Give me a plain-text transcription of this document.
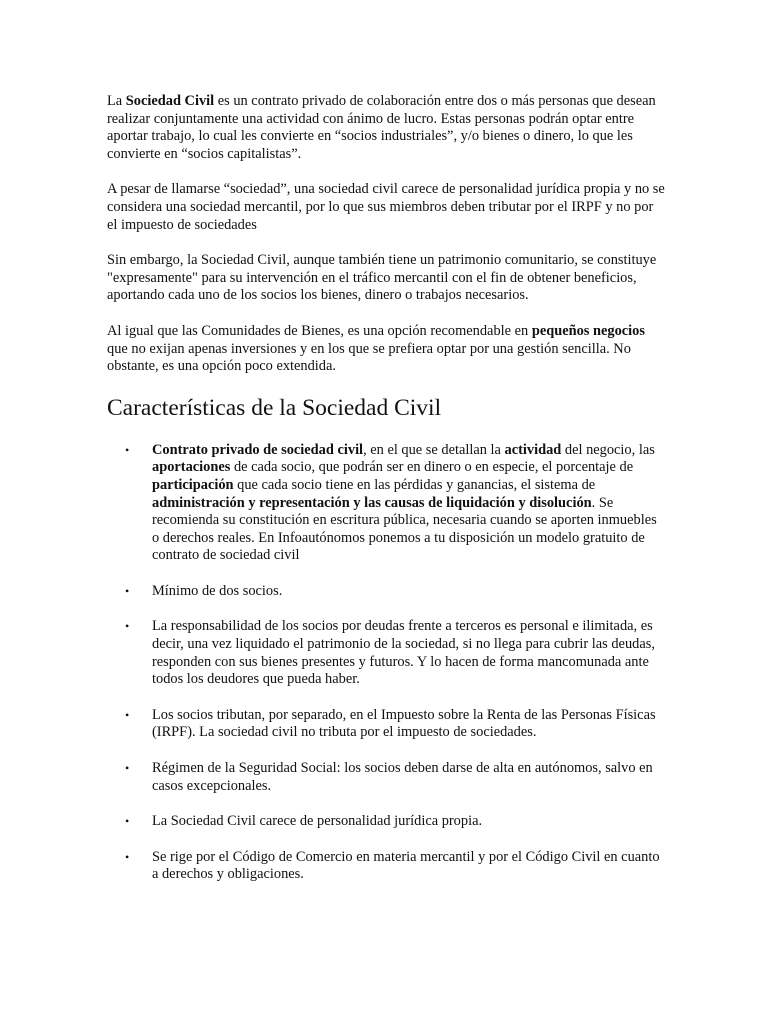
La Sociedad Civil es un contrato privado de colaboración entre dos o más personas que desean realizar conjuntamente una actividad con ánimo de lucro. Estas personas podrán optar entre aportar trabajo, lo cual les convierte en “socios industriales”, y/o bienes o dinero, lo que les convierte en “socios capitalistas”.

A pesar de llamarse “sociedad”, una sociedad civil carece de personalidad jurídica propia y no se considera una sociedad mercantil, por lo que sus miembros deben tributar por el IRPF y no por el impuesto de sociedades

Sin embargo, la Sociedad Civil, aunque también tiene un patrimonio comunitario, se constituye "expresamente" para su intervención en el tráfico mercantil con el fin de obtener beneficios, aportando cada uno de los socios los bienes, dinero o trabajos necesarios.

Al igual que las Comunidades de Bienes, es una opción recomendable en pequeños negocios que no exijan apenas inversiones y en los que se prefiera optar por una gestión sencilla. No obstante, es una opción poco extendida.

Características de la Sociedad Civil
• Contrato privado de sociedad civil, en el que se detallan la actividad del negocio, las aportaciones de cada socio, que podrán ser en dinero o en especie, el porcentaje de participación que cada socio tiene en las pérdidas y ganancias, el sistema de administración y representación y las causas de liquidación y disolución. Se recomienda su constitución en escritura pública, necesaria cuando se aporten inmuebles o derechos reales. En Infoautónomos ponemos a tu disposición un modelo gratuito de contrato de sociedad civil
• Mínimo de dos socios.
• La responsabilidad de los socios por deudas frente a terceros es personal e ilimitada, es decir, una vez liquidado el patrimonio de la sociedad, si no llega para cubrir las deudas, responden con sus bienes presentes y futuros. Y lo hacen de forma mancomunada ante todos los deudores que pueda haber.
• Los socios tributan, por separado, en el Impuesto sobre la Renta de las Personas Físicas (IRPF). La sociedad civil no tributa por el impuesto de sociedades.
• Régimen de la Seguridad Social: los socios deben darse de alta en autónomos, salvo en casos excepcionales.
• La Sociedad Civil carece de personalidad jurídica propia.
• Se rige por el Código de Comercio en materia mercantil y por el Código Civil en cuanto a derechos y obligaciones.
